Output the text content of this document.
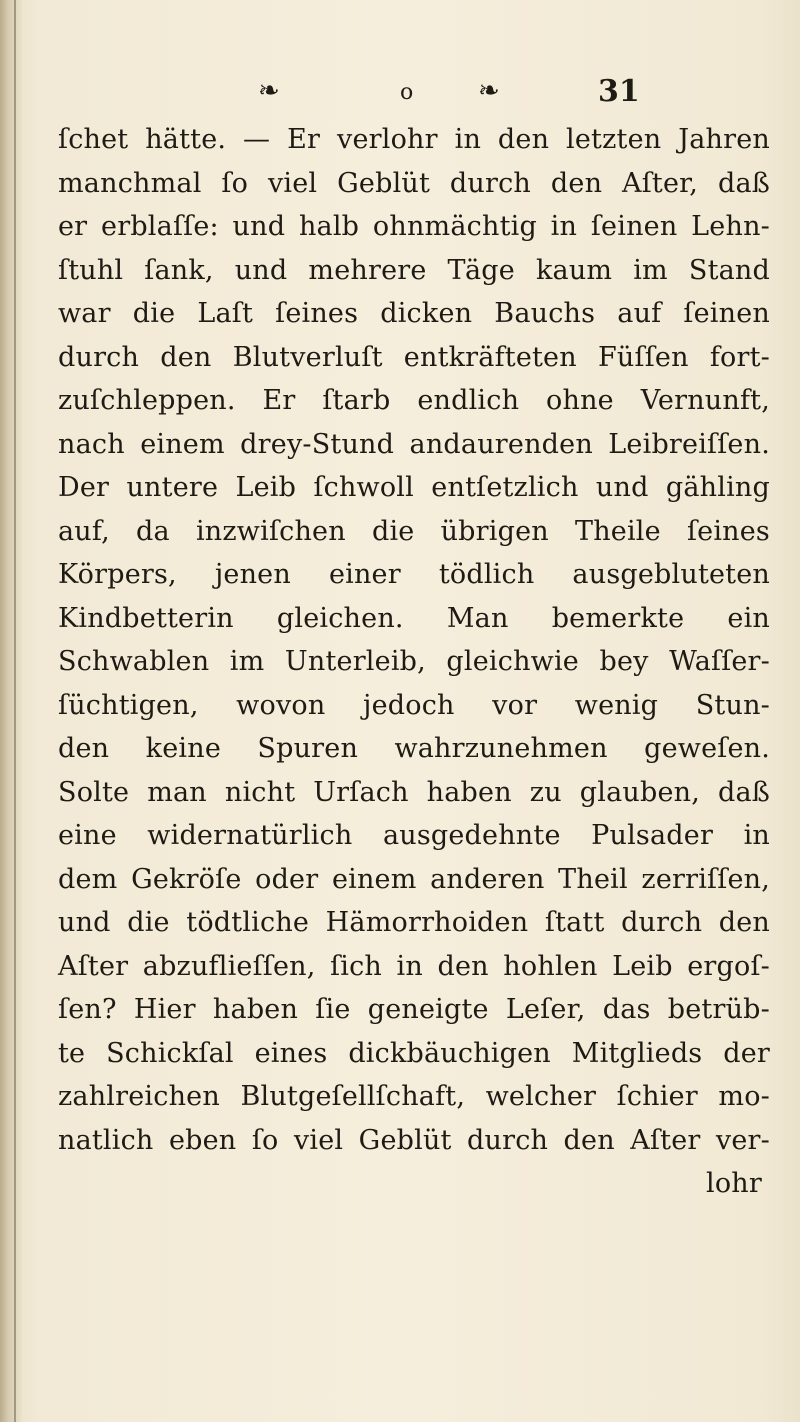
❧	o ❧	31
ſchet hätte. — Er verlohr in den letzten Jahren
manchmal ſo viel Geblüt durch den Aſter, daß
er erblaſſe: und halb ohnmächtig in ſeinen Lehn-
ſtuhl ſank, und mehrere Täge kaum im Stand
war die Laſt ſeines dicken Bauchs auf ſeinen
durch den Blutverluſt entkräfteten Füſſen fort-
zuſchleppen. Er ſtarb endlich ohne Vernunft,
nach einem drey-Stund andaurenden Leibreiſſen.
Der untere Leib ſchwoll entſetzlich und gähling
auf, da inzwiſchen die übrigen Theile ſeines
Körpers, jenen einer tödlich ausgeblutеten
Kindbetterin gleichen. Man bemerkte ein
Schwablen im Unterleib, gleichwie bey Waſſer-
ſüchtigen, wovon jedoch vor wenig Stun-
den keine Spuren wahrzunehmen geweſen.
Solte man nicht Urſach haben zu glauben, daß
eine widernatürlich ausgedehnte Pulsader in
dem Gekröſe oder einem anderen Theil zerriſſen,
und die tödtliche Hämorrhoiden ſtatt durch den
Aſter abzuflieſſen, ſich in den hohlen Leib ergoſ-
ſen? Hier haben ſie geneigte Leſer, das betrüb-
te Schickſal eines dickbäuchigen Mitglieds der
zahlreichen Blutgeſellſchaft, welcher ſchier mo-
natlich eben ſo viel Geblüt durch den Aſter ver-
lohr
